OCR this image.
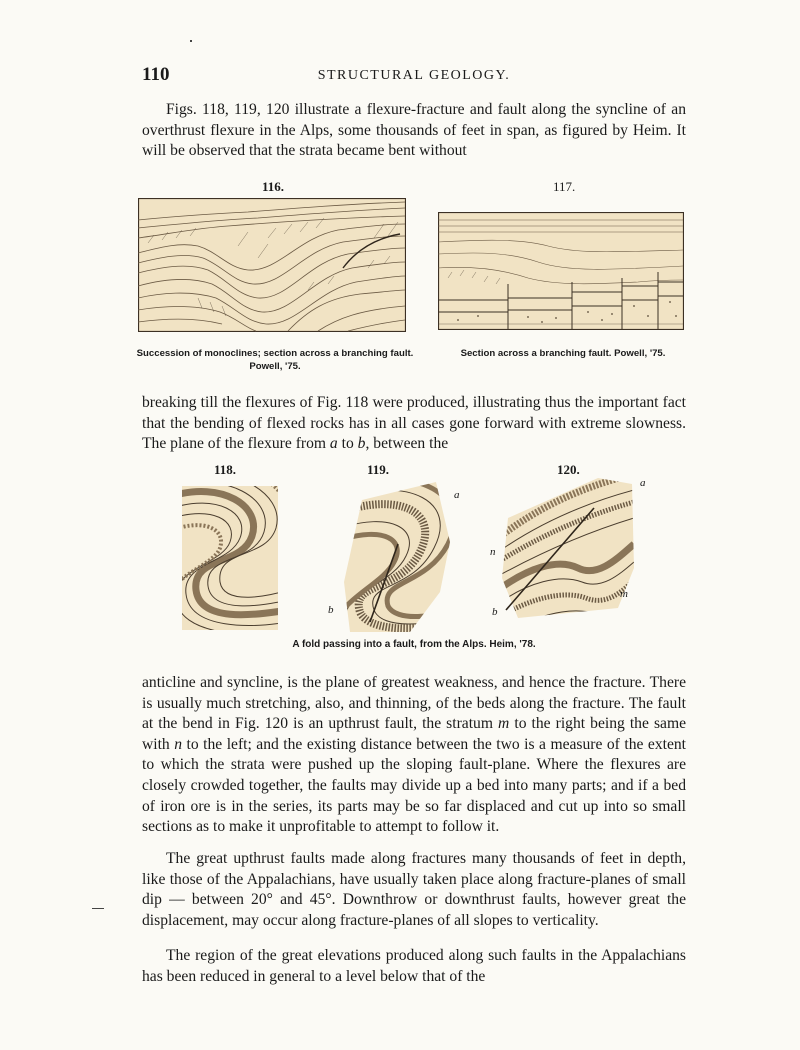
110	STRUCTURAL GEOLOGY.

Figs. 118, 119, 120 illustrate a flexure-fracture and fault along the syncline of an overthrust flexure in the Alps, some thousands of feet in span, as figured by Heim. It will be observed that the strata became bent without

116.	117.
Succession of monoclines; section across a branching fault. Powell, '75.
Section across a branching fault. Powell, '75.

breaking till the flexures of Fig. 118 were produced, illustrating thus the important fact that the bending of flexed rocks has in all cases gone forward with extreme slowness. The plane of the flexure from a to b, between the

118.	119.	120.
a
b
a
n
b
m
A fold passing into a fault, from the Alps. Heim, '78.

anticline and syncline, is the plane of greatest weakness, and hence the fracture. There is usually much stretching, also, and thinning, of the beds along the fracture. The fault at the bend in Fig. 120 is an upthrust fault, the stratum m to the right being the same with n to the left; and the existing distance between the two is a measure of the extent to which the strata were pushed up the sloping fault-plane. Where the flexures are closely crowded together, the faults may divide up a bed into many parts; and if a bed of iron ore is in the series, its parts may be so far displaced and cut up into so small sections as to make it unprofitable to attempt to follow it.

The great upthrust faults made along fractures many thousands of feet in depth, like those of the Appalachians, have usually taken place along fracture-planes of small dip — between 20° and 45°. Downthrow or downthrust faults, however great the displacement, may occur along fracture-planes of all slopes to verticality.

The region of the great elevations produced along such faults in the Appalachians has been reduced in general to a level below that of the
